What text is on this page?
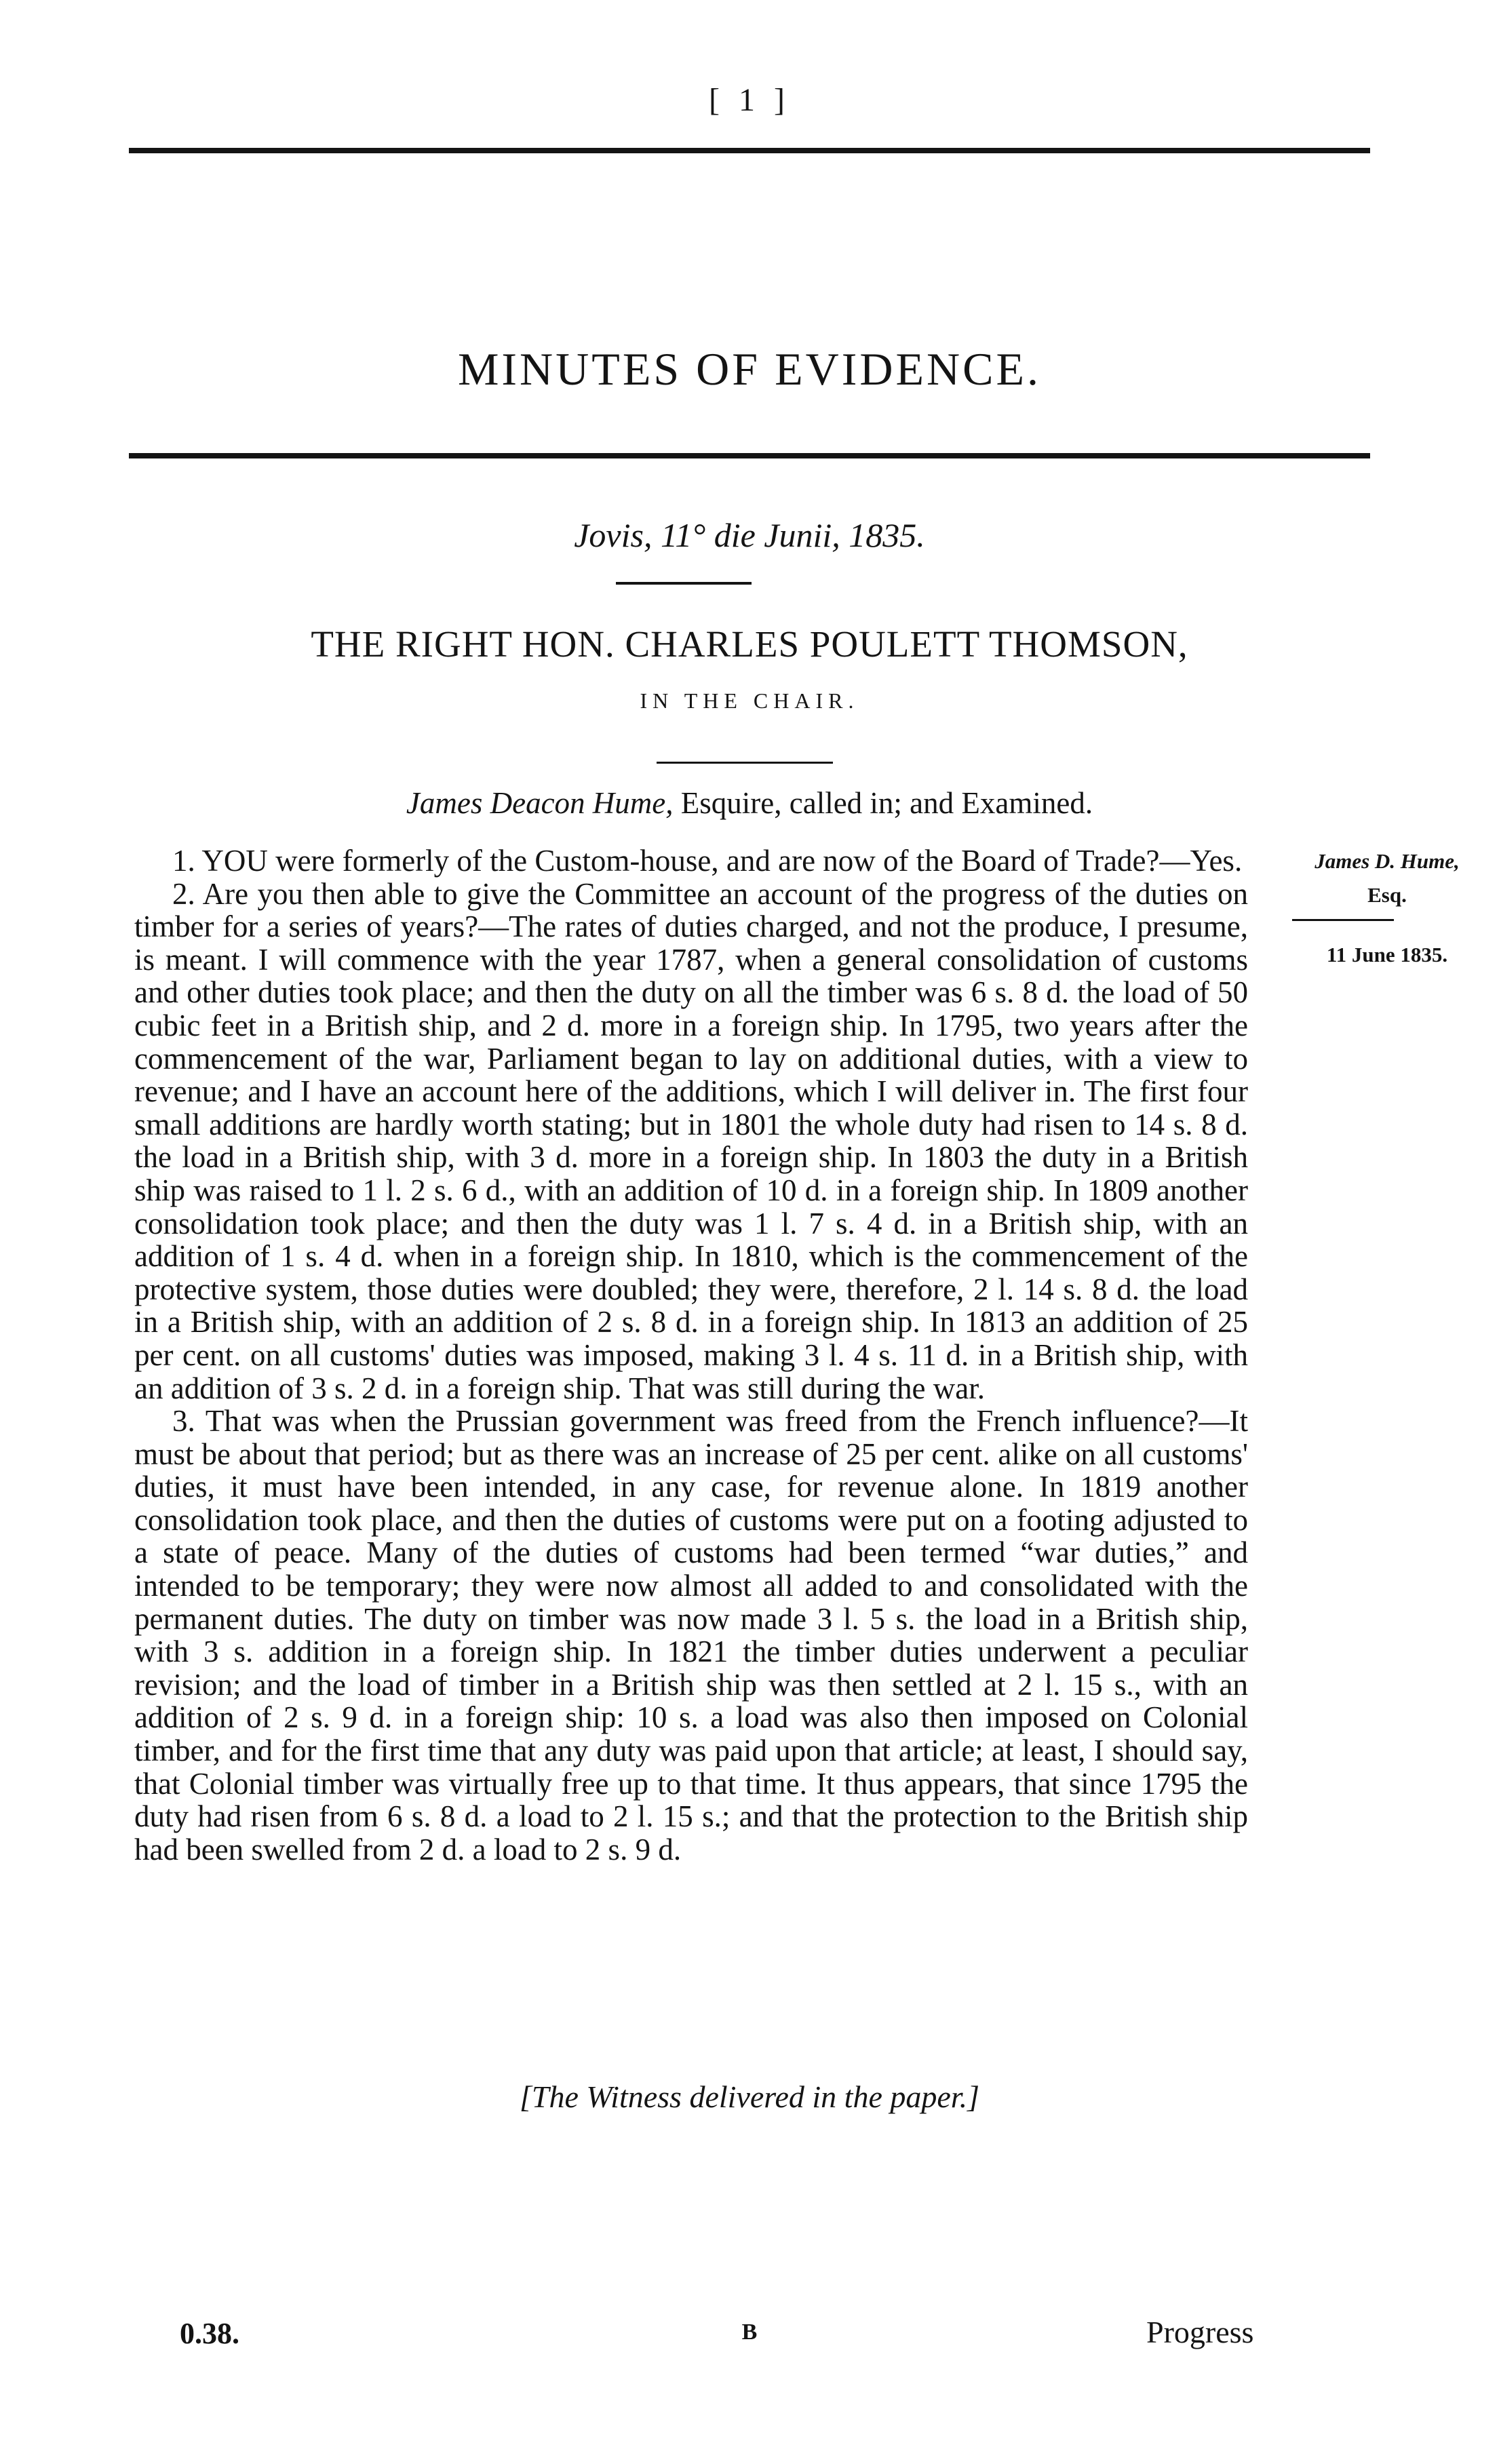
[ 1 ]
MINUTES OF EVIDENCE.
Jovis, 11° die Junii, 1835.
THE RIGHT HON. CHARLES POULETT THOMSON,
IN THE CHAIR.
James Deacon Hume, Esquire, called in; and Examined.
James D. Hume,
Esq.
11 June 1835.

1. YOU were formerly of the Custom-house, and are now of the Board of Trade?—Yes.

2. Are you then able to give the Committee an account of the progress of the duties on timber for a series of years?—The rates of duties charged, and not the produce, I presume, is meant. I will commence with the year 1787, when a general consolidation of customs and other duties took place; and then the duty on all the timber was 6 s. 8 d. the load of 50 cubic feet in a British ship, and 2 d. more in a foreign ship. In 1795, two years after the commencement of the war, Parliament began to lay on additional duties, with a view to revenue; and I have an account here of the additions, which I will deliver in. The first four small additions are hardly worth stating; but in 1801 the whole duty had risen to 14 s. 8 d. the load in a British ship, with 3 d. more in a foreign ship. In 1803 the duty in a British ship was raised to 1 l. 2 s. 6 d., with an addition of 10 d. in a foreign ship. In 1809 another consolidation took place; and then the duty was 1 l. 7 s. 4 d. in a British ship, with an addition of 1 s. 4 d. when in a foreign ship. In 1810, which is the commencement of the protective system, those duties were doubled; they were, therefore, 2 l. 14 s. 8 d. the load in a British ship, with an addition of 2 s. 8 d. in a foreign ship. In 1813 an addition of 25 per cent. on all customs' duties was imposed, making 3 l. 4 s. 11 d. in a British ship, with an addition of 3 s. 2 d. in a foreign ship. That was still during the war.

3. That was when the Prussian government was freed from the French influence?—It must be about that period; but as there was an increase of 25 per cent. alike on all customs' duties, it must have been intended, in any case, for revenue alone. In 1819 another consolidation took place, and then the duties of customs were put on a footing adjusted to a state of peace. Many of the duties of customs had been termed “war duties,” and intended to be temporary; they were now almost all added to and consolidated with the permanent duties. The duty on timber was now made 3 l. 5 s. the load in a British ship, with 3 s. addition in a foreign ship. In 1821 the timber duties underwent a peculiar revision; and the load of timber in a British ship was then settled at 2 l. 15 s., with an addition of 2 s. 9 d. in a foreign ship: 10 s. a load was also then imposed on Colonial timber, and for the first time that any duty was paid upon that article; at least, I should say, that Colonial timber was virtually free up to that time. It thus appears, that since 1795 the duty had risen from 6 s. 8 d. a load to 2 l. 15 s.; and that the protection to the British ship had been swelled from 2 d. a load to 2 s. 9 d.

[The Witness delivered in the paper.]
0.38.	B	Progress
